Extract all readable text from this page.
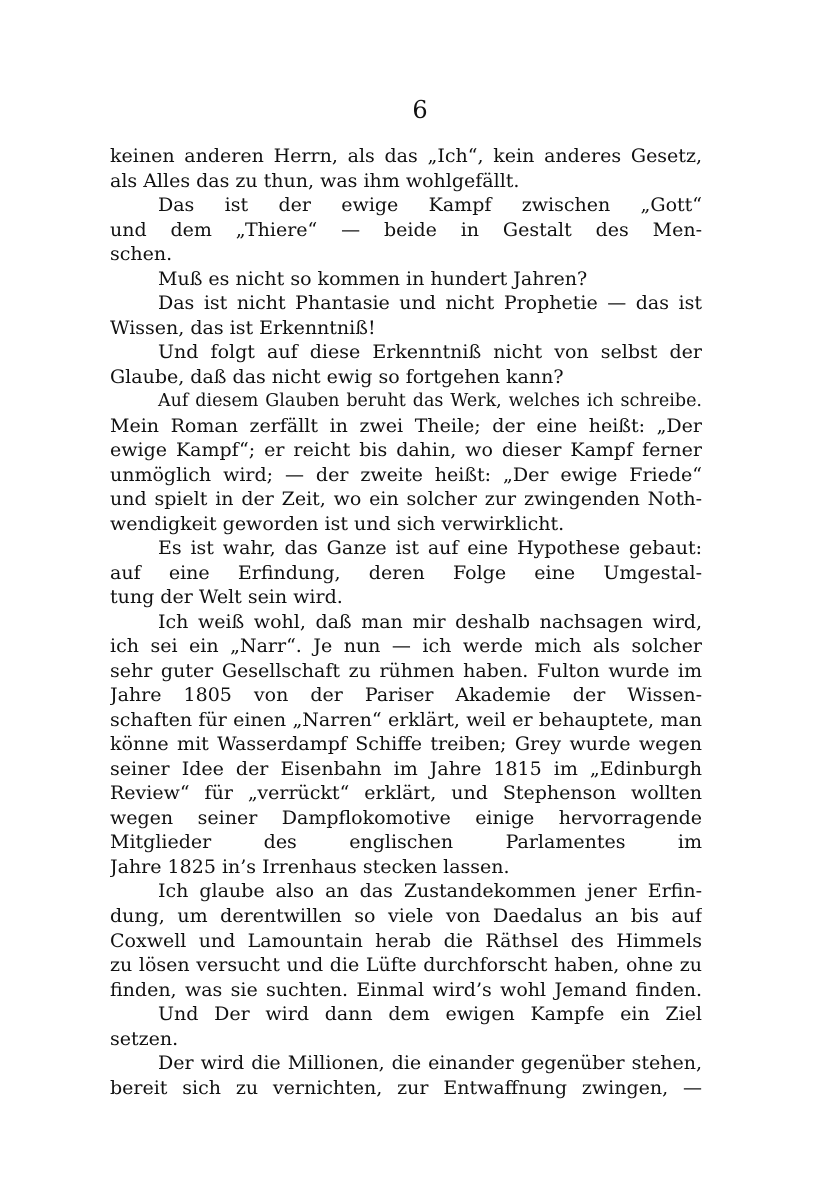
6
keinen anderen Herrn, als das „Ich“, kein anderes Gesetz,
als Alles das zu thun, was ihm wohlgefällt.
Das ist der ewige Kampf zwischen „Gott“
und dem „Thiere“ — beide in Gestalt des Men-
schen.
Muß es nicht so kommen in hundert Jahren?
Das ist nicht Phantasie und nicht Prophetie — das ist
Wissen, das ist Erkenntniß!
Und folgt auf diese Erkenntniß nicht von selbst der
Glaube, daß das nicht ewig so fortgehen kann?
Auf diesem Glauben beruht das Werk, welches ich schreibe.
Mein Roman zerfällt in zwei Theile; der eine heißt: „Der
ewige Kampf“; er reicht bis dahin, wo dieser Kampf ferner
unmöglich wird; — der zweite heißt: „Der ewige Friede“
und spielt in der Zeit, wo ein solcher zur zwingenden Noth-
wendigkeit geworden ist und sich verwirklicht.
Es ist wahr, das Ganze ist auf eine Hypothese gebaut:
auf eine Erfindung, deren Folge eine Umgestal-
tung der Welt sein wird.
Ich weiß wohl, daß man mir deshalb nachsagen wird,
ich sei ein „Narr“. Je nun — ich werde mich als solcher
sehr guter Gesellschaft zu rühmen haben. Fulton wurde im
Jahre 1805 von der Pariser Akademie der Wissen-
schaften für einen „Narren“ erklärt, weil er behauptete, man
könne mit Wasserdampf Schiffe treiben; Grey wurde wegen
seiner Idee der Eisenbahn im Jahre 1815 im „Edinburgh
Review“ für „verrückt“ erklärt, und Stephenson wollten
wegen seiner Dampflokomotive einige hervorragende
Mitglieder des englischen Parlamentes im
Jahre 1825 in’s Irrenhaus stecken lassen.
Ich glaube also an das Zustandekommen jener Erfin-
dung, um derentwillen so viele von Daedalus an bis auf
Coxwell und Lamountain herab die Räthsel des Himmels
zu lösen versucht und die Lüfte durchforscht haben, ohne zu
finden, was sie suchten. Einmal wird’s wohl Jemand finden.
Und Der wird dann dem ewigen Kampfe ein Ziel
setzen.
Der wird die Millionen, die einander gegenüber stehen,
bereit sich zu vernichten, zur Entwaffnung zwingen, —
